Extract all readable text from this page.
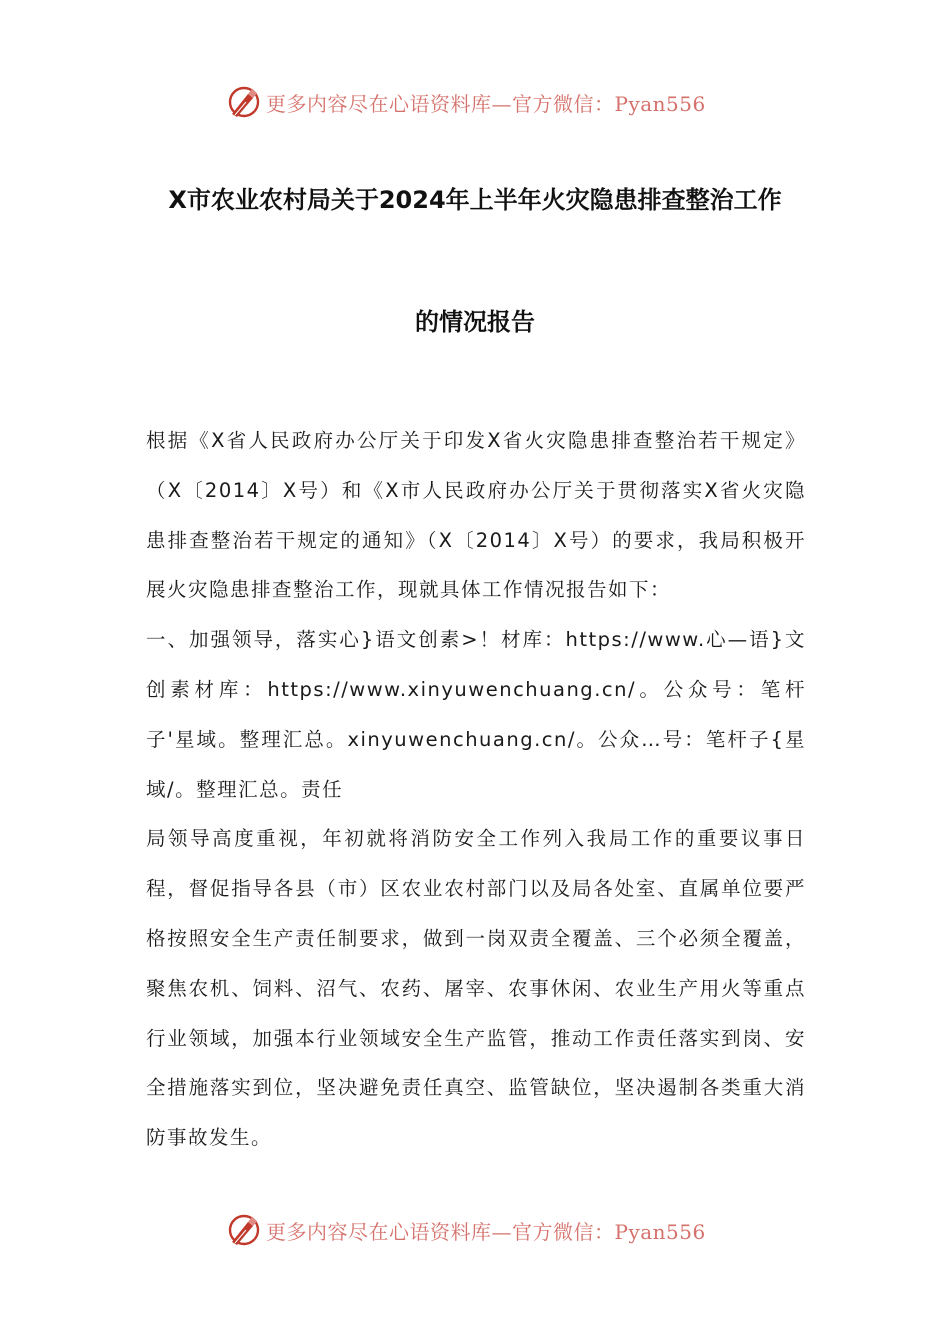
更多内容尽在心语资料库—官方微信：Pyan556
X市农业农村局关于2024年上半年火灾隐患排查整治工作
的情况报告

根据《X省人民政府办公厅关于印发X省火灾隐患排查整治若干规定》（X〔2014〕X号）和《X市人民政府办公厅关于贯彻落实X省火灾隐患排查整治若干规定的通知》（X〔2014〕X号）的要求，我局积极开展火灾隐患排查整治工作，现就具体工作情况报告如下：

一、加强领导，落实心}语文创素>！材库：https://www.心—语}文创素材库：https://www.xinyuwenchuang.cn/。公众号：笔杆子'星域。整理汇总。xinyuwenchuang.cn/。公众…号：笔杆子{星域/。整理汇总。责任

局领导高度重视，年初就将消防安全工作列入我局工作的重要议事日程，督促指导各县（市）区农业农村部门以及局各处室、直属单位要严格按照安全生产责任制要求，做到一岗双责全覆盖、三个必须全覆盖，聚焦农机、饲料、沼气、农药、屠宰、农事休闲、农业生产用火等重点行业领域，加强本行业领域安全生产监管，推动工作责任落实到岗、安全措施落实到位，坚决避免责任真空、监管缺位，坚决遏制各类重大消防事故发生。

更多内容尽在心语资料库—官方微信：Pyan556
